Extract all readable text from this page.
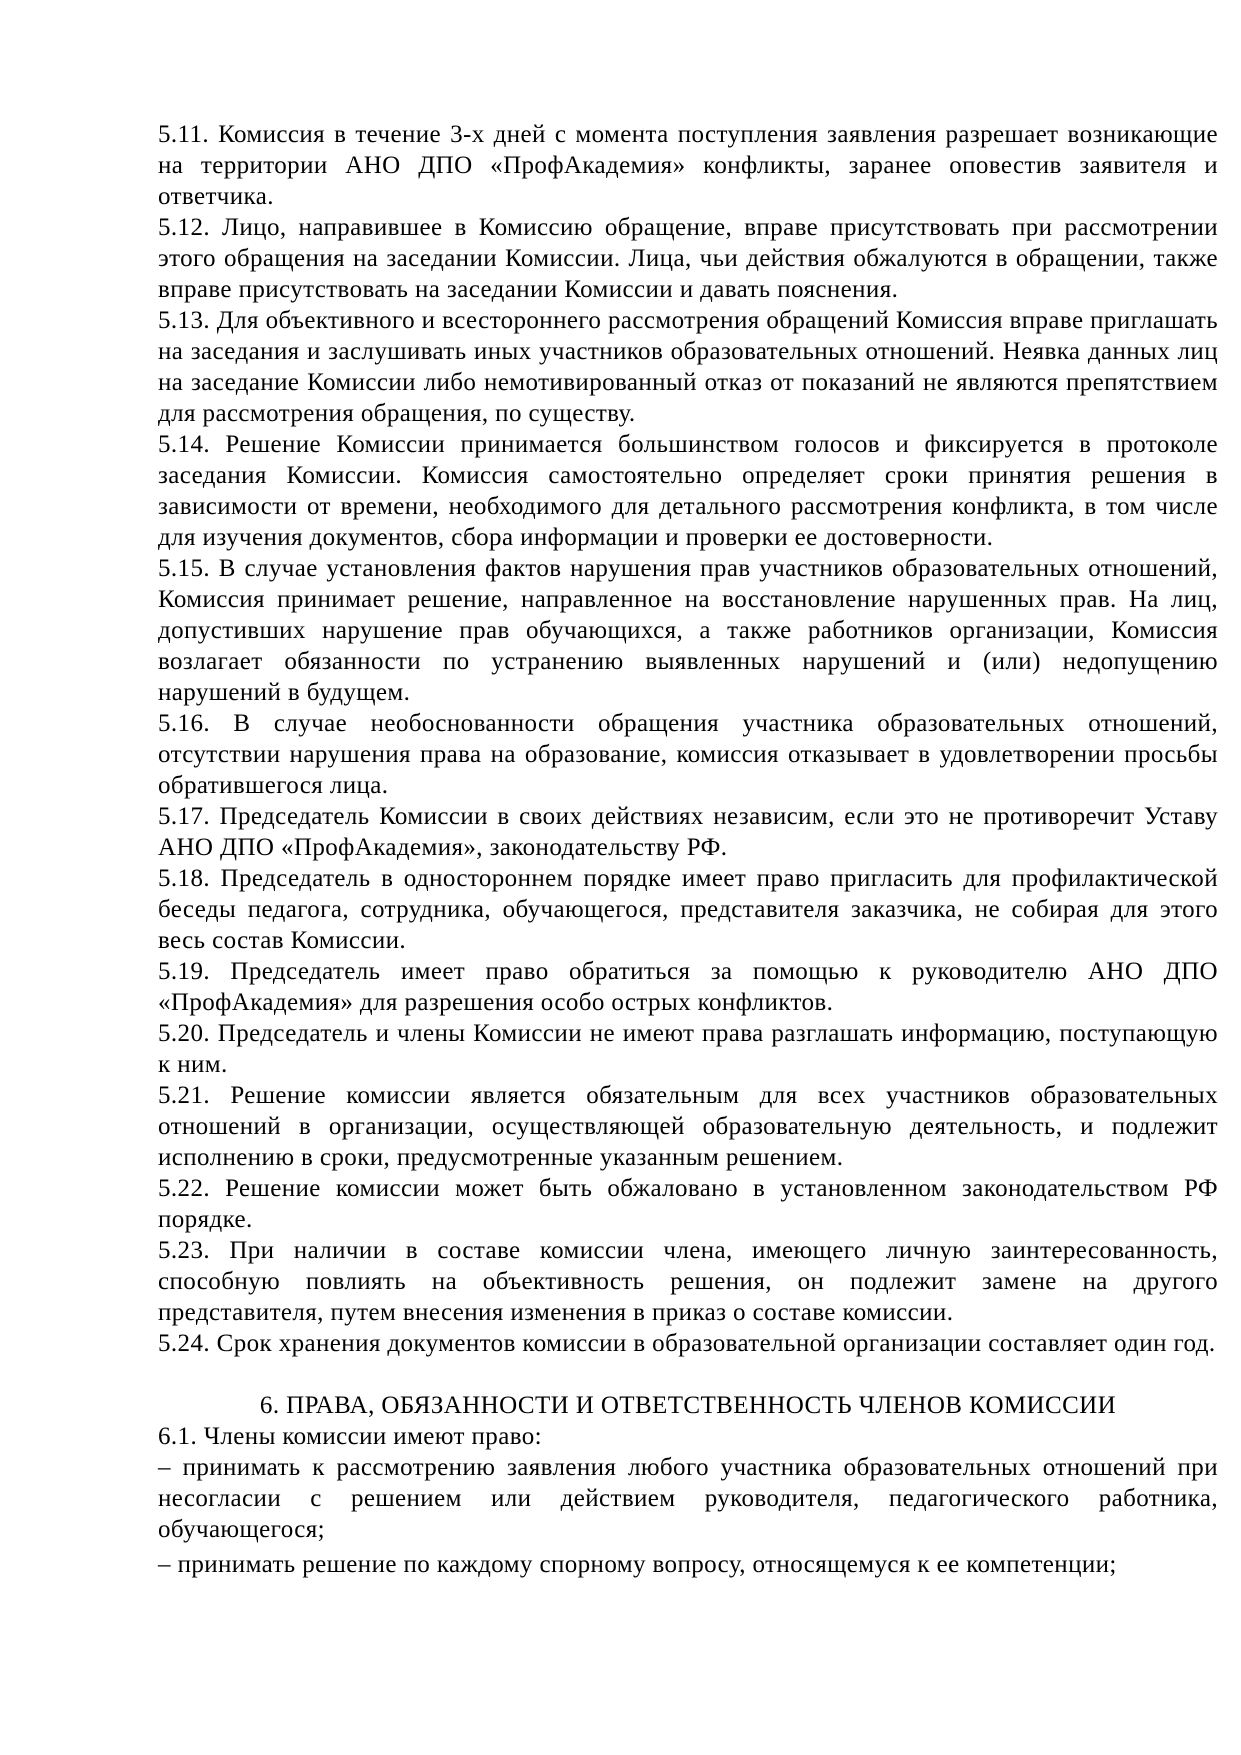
5.11. Комиссия в течение 3-х дней с момента поступления заявления разрешает возникающие на территории АНО ДПО «ПрофАкадемия» конфликты, заранее оповестив заявителя и ответчика.

5.12. Лицо, направившее в Комиссию обращение, вправе присутствовать при рассмотрении этого обращения на заседании Комиссии. Лица, чьи действия обжалуются в обращении, также вправе присутствовать на заседании Комиссии и давать пояснения.

5.13. Для объективного и всестороннего рассмотрения обращений Комиссия вправе приглашать на заседания и заслушивать иных участников образовательных отношений. Неявка данных лиц на заседание Комиссии либо немотивированный отказ от показаний не являются препятствием для рассмотрения обращения, по существу.

5.14. Решение Комиссии принимается большинством голосов и фиксируется в протоколе заседания Комиссии. Комиссия самостоятельно определяет сроки принятия решения в зависимости от времени, необходимого для детального рассмотрения конфликта, в том числе для изучения документов, сбора информации и проверки ее достоверности.

5.15. В случае установления фактов нарушения прав участников образовательных отношений, Комиссия принимает решение, направленное на восстановление нарушенных прав. На лиц, допустивших нарушение прав обучающихся, а также работников организации, Комиссия возлагает обязанности по устранению выявленных нарушений и (или) недопущению нарушений в будущем.

5.16. В случае необоснованности обращения участника образовательных отношений, отсутствии нарушения права на образование, комиссия отказывает в удовлетворении просьбы обратившегося лица.

5.17. Председатель Комиссии в своих действиях независим, если это не противоречит Уставу АНО ДПО «ПрофАкадемия», законодательству РФ.

5.18. Председатель в одностороннем порядке имеет право пригласить для профилактической беседы педагога, сотрудника, обучающегося, представителя заказчика, не собирая для этого весь состав Комиссии.

5.19. Председатель имеет право обратиться за помощью к руководителю АНО ДПО «ПрофАкадемия» для разрешения особо острых конфликтов.

5.20. Председатель и члены Комиссии не имеют права разглашать информацию, поступающую к ним.

5.21. Решение комиссии является обязательным для всех участников образовательных отношений в организации, осуществляющей образовательную деятельность, и подлежит исполнению в сроки, предусмотренные указанным решением.

5.22. Решение комиссии может быть обжаловано в установленном законодательством РФ порядке.

5.23. При наличии в составе комиссии члена, имеющего личную заинтересованность, способную повлиять на объективность решения, он подлежит замене на другого представителя, путем внесения изменения в приказ о составе комиссии.

5.24. Срок хранения документов комиссии в образовательной организации составляет один год.

6. ПРАВА, ОБЯЗАННОСТИ И ОТВЕТСТВЕННОСТЬ ЧЛЕНОВ КОМИССИИ

6.1. Члены комиссии имеют право:

– принимать к рассмотрению заявления любого участника образовательных отношений при несогласии с решением или действием руководителя, педагогического работника, обучающегося;

– принимать решение по каждому спорному вопросу, относящемуся к ее компетенции;
